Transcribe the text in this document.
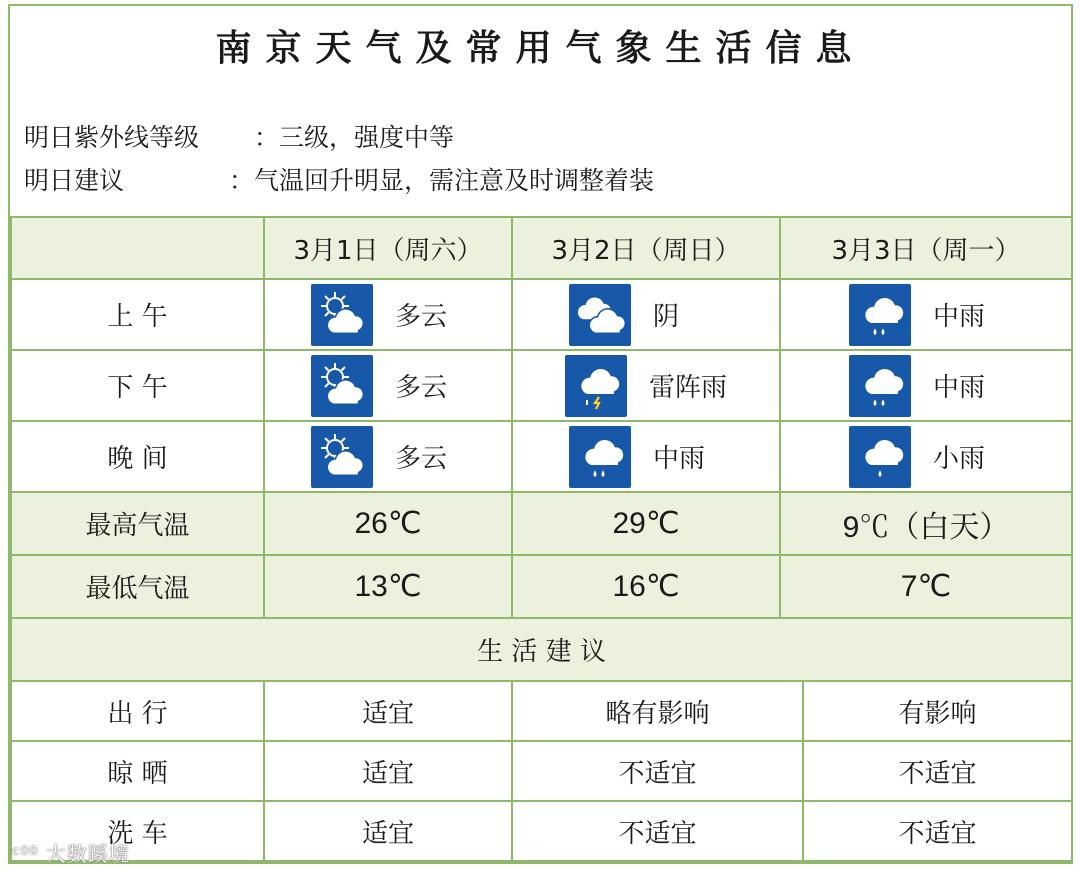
南京天气及常用气象生活信息
明日紫外线等级 ：三级，强度中等
明日建议	：气温回升明显，需注意及时调整着装
	3月1日（周六）	3月2日（周日）	3月3日（周一）
上 午	多云	阴	中雨

下 午	多云	雷阵雨	中雨

晚 间	多云	中雨	小雨

最高气温	26℃	29℃	9℃（白天）
最低气温	13℃	16℃	7℃
生 活 建 议			
出 行	适宜	略有影响	有影响
晾 晒	适宜	不适宜	不适宜
洗 车	适宜	不适宜	不适宜
ᶜ⁰⁰ 大数蹊境
